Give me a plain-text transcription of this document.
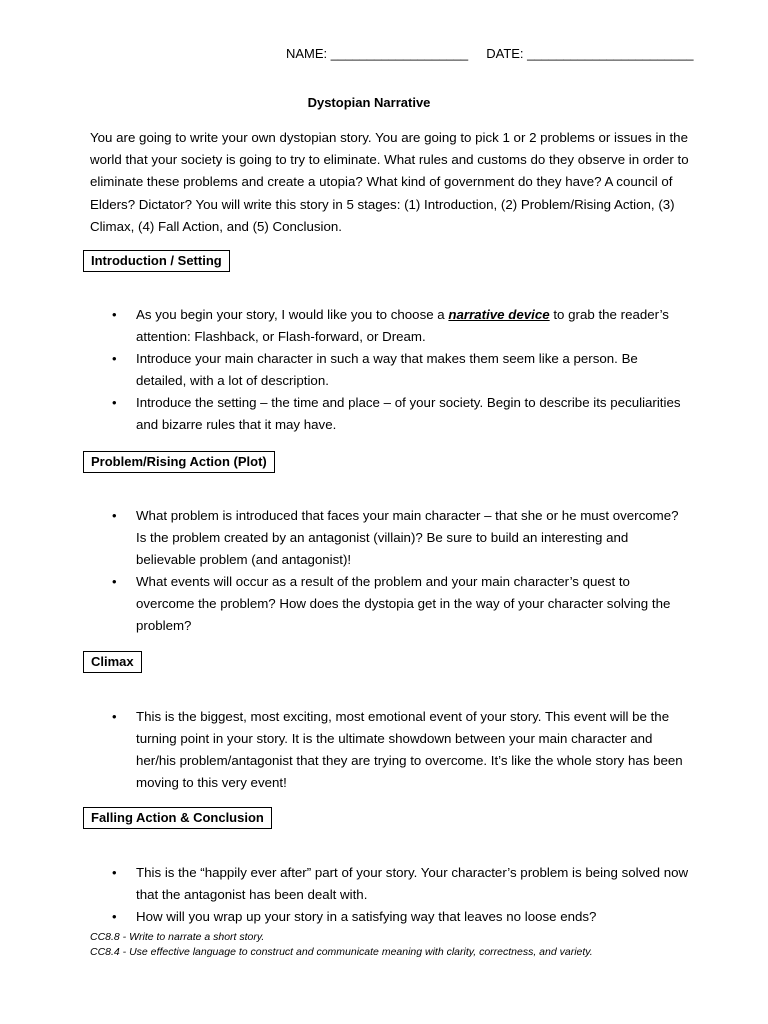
NAME: ___________________ DATE: _______________________
Dystopian Narrative
You are going to write your own dystopian story. You are going to pick 1 or 2 problems or issues in the world that your society is going to try to eliminate. What rules and customs do they observe in order to eliminate these problems and create a utopia? What kind of government do they have? A council of Elders? Dictator? You will write this story in 5 stages: (1) Introduction, (2) Problem/Rising Action, (3) Climax, (4) Fall Action, and (5) Conclusion.
Introduction / Setting
• As you begin your story, I would like you to choose a narrative device to grab the reader’s attention: Flashback, or Flash-forward, or Dream.
• Introduce your main character in such a way that makes them seem like a person. Be detailed, with a lot of description.
• Introduce the setting – the time and place – of your society. Begin to describe its peculiarities and bizarre rules that it may have.
Problem/Rising Action (Plot)
• What problem is introduced that faces your main character – that she or he must overcome? Is the problem created by an antagonist (villain)? Be sure to build an interesting and believable problem (and antagonist)!
• What events will occur as a result of the problem and your main character’s quest to overcome the problem? How does the dystopia get in the way of your character solving the problem?
Climax
• This is the biggest, most exciting, most emotional event of your story. This event will be the turning point in your story. It is the ultimate showdown between your main character and her/his problem/antagonist that they are trying to overcome. It’s like the whole story has been moving to this very event!
Falling Action & Conclusion
• This is the “happily ever after” part of your story. Your character’s problem is being solved now that the antagonist has been dealt with.
• How will you wrap up your story in a satisfying way that leaves no loose ends?
CC8.8 - Write to narrate a short story.
CC8.4 - Use effective language to construct and communicate meaning with clarity, correctness, and variety.
